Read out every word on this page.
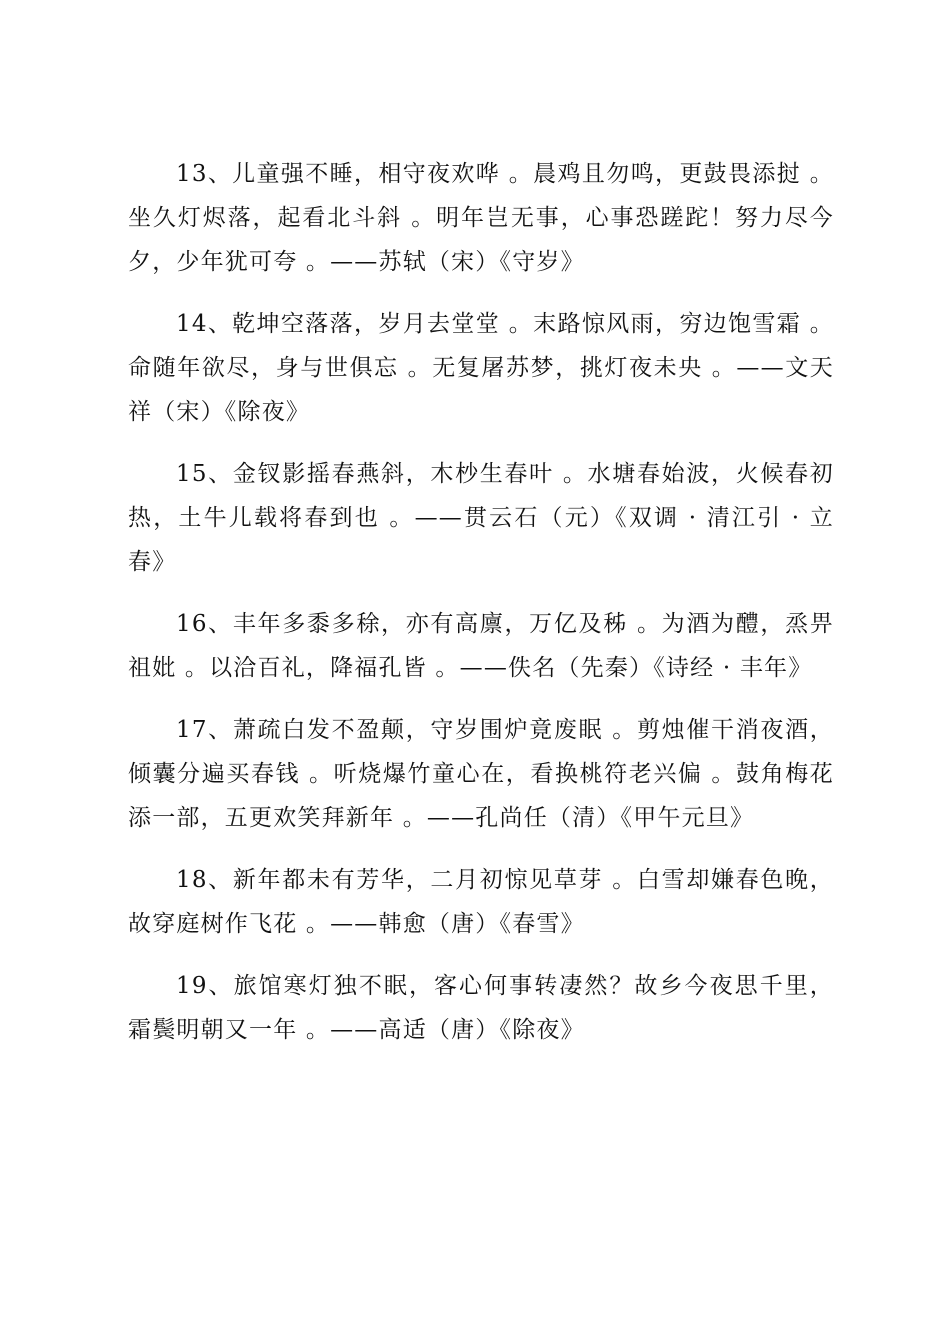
13、儿童强不睡，相守夜欢哗 。晨鸡且勿鸣，更鼓畏添挝 。坐久灯烬落，起看北斗斜 。明年岂无事，心事恐蹉跎！努力尽今夕，少年犹可夸 。——苏轼（宋）《守岁》

14、乾坤空落落，岁月去堂堂 。末路惊风雨，穷边饱雪霜 。命随年欲尽，身与世俱忘 。无复屠苏梦，挑灯夜未央 。——文天祥（宋）《除夜》

15、金钗影摇春燕斜，木杪生春叶 。水塘春始波，火候春初热，土牛儿载将春到也 。——贯云石（元）《双调 · 清江引 · 立春》

16、丰年多黍多稌，亦有高廪，万亿及秭 。为酒为醴，烝畀祖妣 。以洽百礼，降福孔皆 。——佚名（先秦）《诗经 · 丰年》

17、萧疏白发不盈颠，守岁围炉竟废眠 。剪烛催干消夜酒，倾囊分遍买春钱 。听烧爆竹童心在，看换桃符老兴偏 。鼓角梅花添一部，五更欢笑拜新年 。——孔尚任（清）《甲午元旦》

18、新年都未有芳华，二月初惊见草芽 。白雪却嫌春色晚，故穿庭树作飞花 。——韩愈（唐）《春雪》

19、旅馆寒灯独不眠，客心何事转凄然？故乡今夜思千里，霜鬓明朝又一年 。——高适（唐）《除夜》
